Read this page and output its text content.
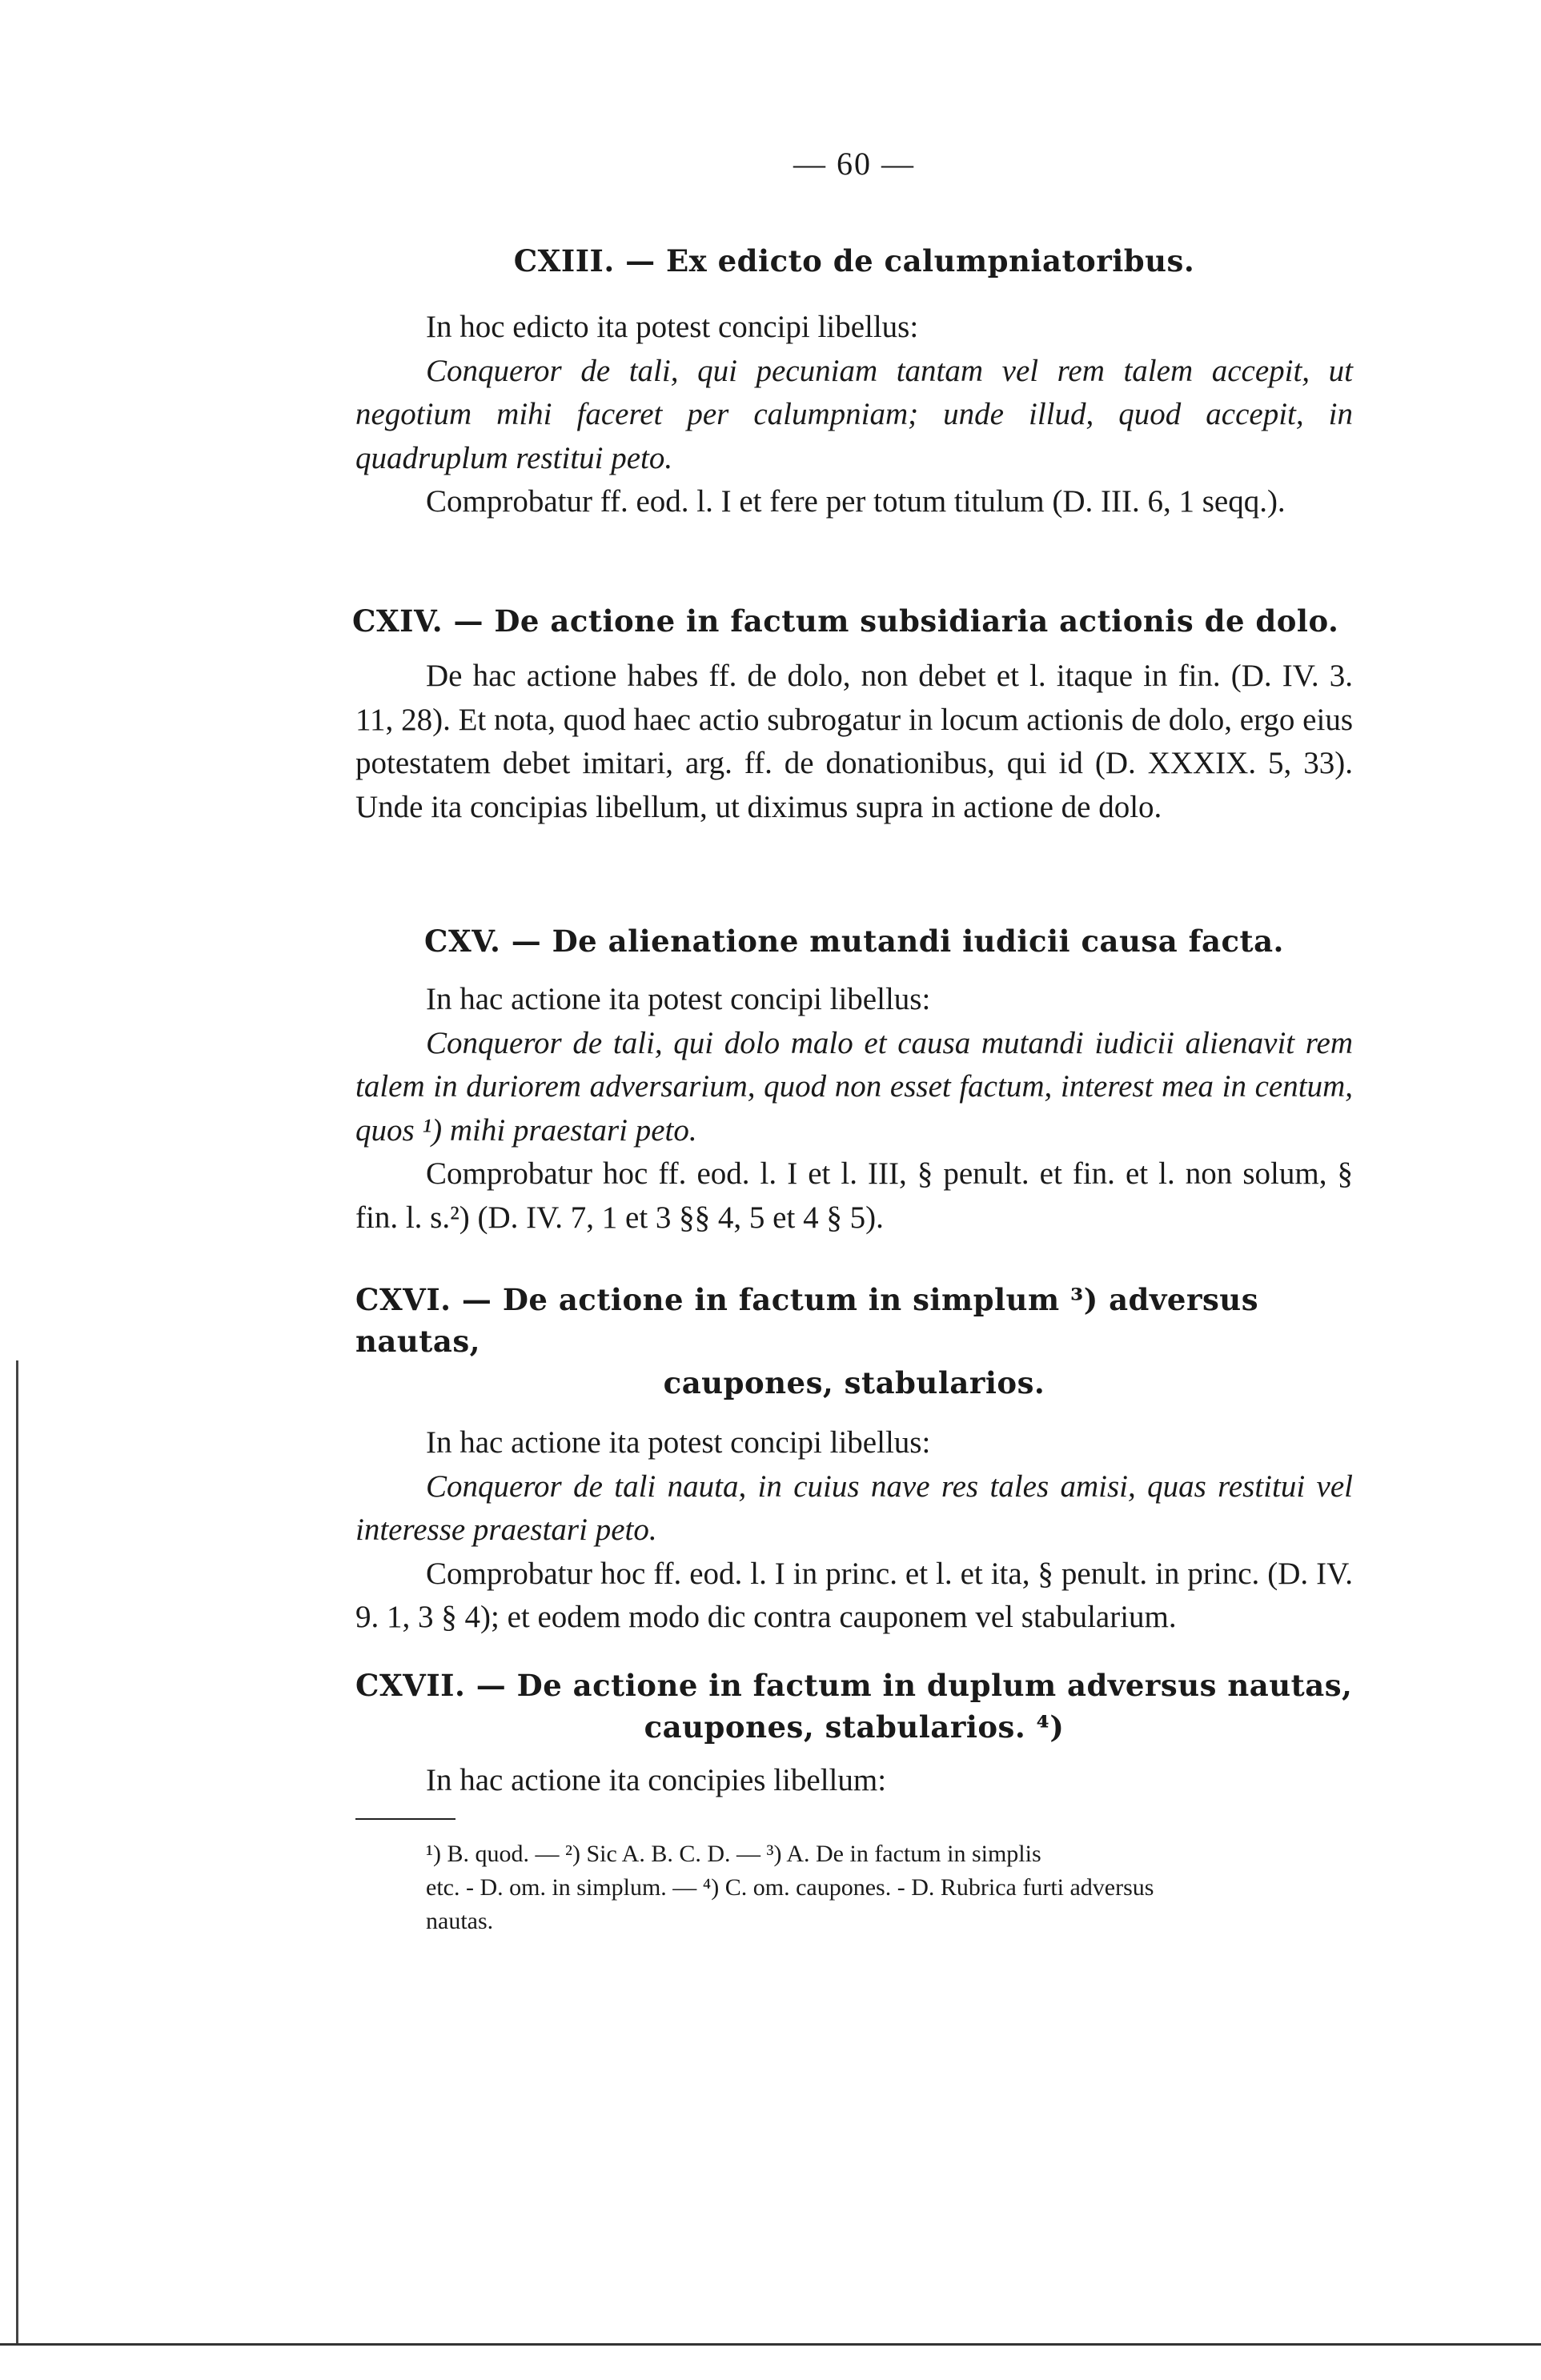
— 60 —
CXIII. — Ex edicto de calumpniatoribus.

In hoc edicto ita potest concipi libellus:

Conqueror de tali, qui pecuniam tantam vel rem talem accepit, ut negotium mihi faceret per calumpniam; unde illud, quod accepit, in quadruplum restitui peto.

Comprobatur ff. eod. l. I et fere per totum titulum (D. III. 6, 1 seqq.).

CXIV. — De actione in factum subsidiaria actionis de dolo.

De hac actione habes ff. de dolo, non debet et l. itaque in fin. (D. IV. 3. 11, 28). Et nota, quod haec actio subrogatur in locum actionis de dolo, ergo eius potestatem debet imitari, arg. ff. de donationibus, qui id (D. XXXIX. 5, 33). Unde ita concipias libellum, ut diximus supra in actione de dolo.

CXV. — De alienatione mutandi iudicii causa facta.

In hac actione ita potest concipi libellus:

Conqueror de tali, qui dolo malo et causa mutandi iudicii alienavit rem talem in duriorem adversarium, quod non esset factum, interest mea in centum, quos ¹) mihi praestari peto.

Comprobatur hoc ff. eod. l. I et l. III, § penult. et fin. et l. non solum, § fin. l. s.²) (D. IV. 7, 1 et 3 §§ 4, 5 et 4 § 5).

CXVI. — De actione in factum in simplum ³) adversus nautas,
caupones, stabularios.

In hac actione ita potest concipi libellus:

Conqueror de tali nauta, in cuius nave res tales amisi, quas restitui vel interesse praestari peto.

Comprobatur hoc ff. eod. l. I in princ. et l. et ita, § penult. in princ. (D. IV. 9. 1, 3 § 4); et eodem modo dic contra cauponem vel stabularium.

CXVII. — De actione in factum in duplum adversus nautas,
caupones, stabularios. ⁴)

In hac actione ita concipies libellum:

¹) B. quod. — ²) Sic A. B. C. D. — ³) A. De in factum in simplis

etc. - D. om. in simplum. — ⁴) C. om. caupones. - D. Rubrica furti adversus

nautas.
